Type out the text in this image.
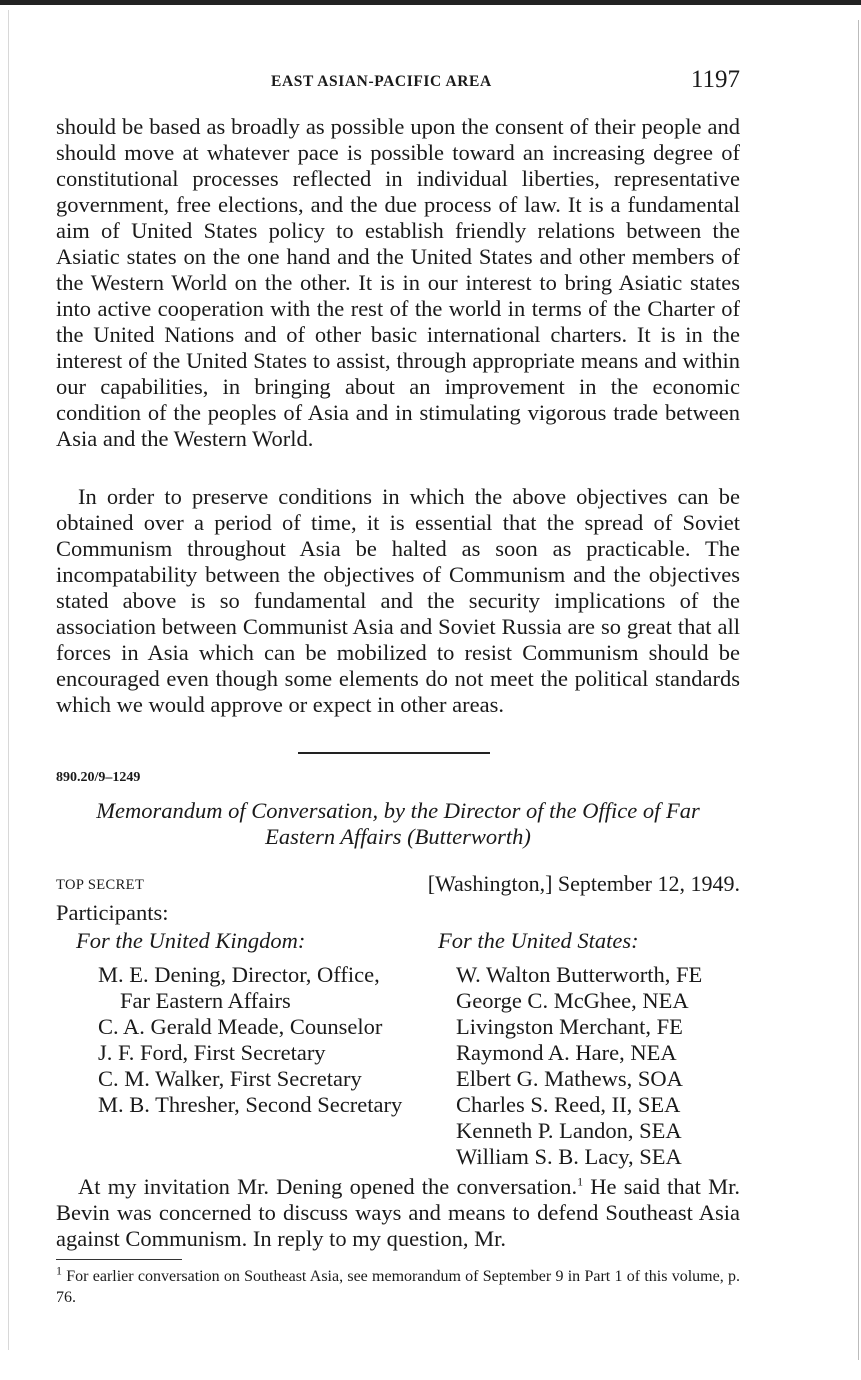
EAST ASIAN-PACIFIC AREA	1197

should be based as broadly as possible upon the consent of their people and should move at whatever pace is possible toward an increasing degree of constitutional processes reflected in individual liberties, representative government, free elections, and the due process of law. It is a fundamental aim of United States policy to establish friendly relations between the Asiatic states on the one hand and the United States and other members of the Western World on the other. It is in our interest to bring Asiatic states into active cooperation with the rest of the world in terms of the Charter of the United Nations and of other basic international charters. It is in the interest of the United States to assist, through appropriate means and within our capabilities, in bringing about an improvement in the economic condition of the peoples of Asia and in stimulating vigorous trade between Asia and the Western World.

In order to preserve conditions in which the above objectives can be obtained over a period of time, it is essential that the spread of Soviet Communism throughout Asia be halted as soon as practicable. The incompatability between the objectives of Communism and the objectives stated above is so fundamental and the security implications of the association between Communist Asia and Soviet Russia are so great that all forces in Asia which can be mobilized to resist Communism should be encouraged even though some elements do not meet the political standards which we would approve or expect in other areas.

890.20/9–1249
Memorandum of Conversation, by the Director of the Office of Far
Eastern Affairs (Butterworth)
TOP SECRET	[Washington,] September 12, 1949.
Participants:
For the United Kingdom:
M. E. Dening, Director, Office,
Far Eastern Affairs
C. A. Gerald Meade, Counselor
J. F. Ford, First Secretary
C. M. Walker, First Secretary
M. B. Thresher, Second Secretary
For the United States:
W. Walton Butterworth, FE
George C. McGhee, NEA
Livingston Merchant, FE
Raymond A. Hare, NEA
Elbert G. Mathews, SOA
Charles S. Reed, II, SEA
Kenneth P. Landon, SEA
William S. B. Lacy, SEA

At my invitation Mr. Dening opened the conversation.$^1$ He said that Mr. Bevin was concerned to discuss ways and means to defend Southeast Asia against Communism. In reply to my question, Mr.

$^1$ For earlier conversation on Southeast Asia, see memorandum of September 9 in Part 1 of this volume, p. 76.
